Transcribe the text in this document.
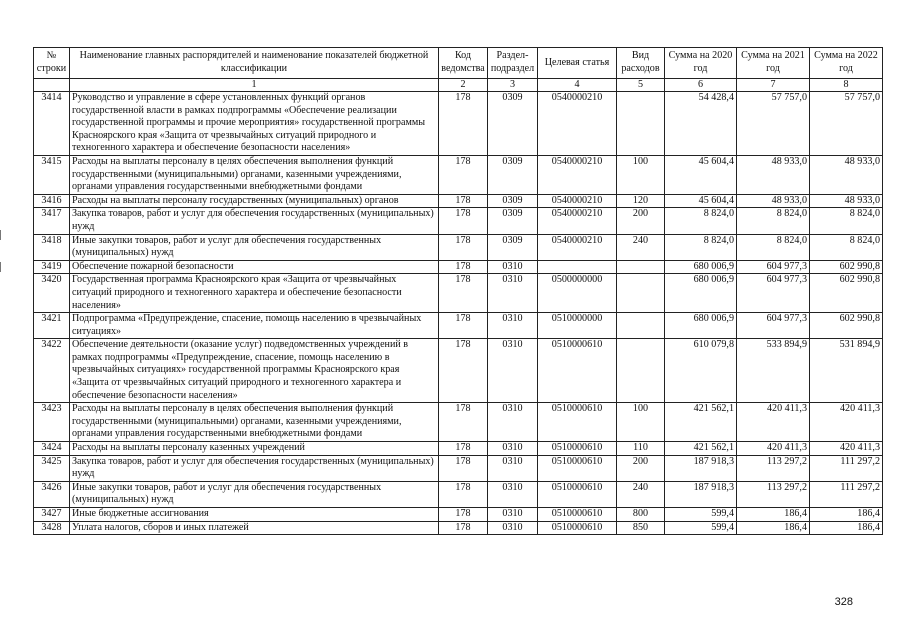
№ строки	Наименование главных распорядителей и наименование показателей бюджетной классификации	Код ведомства	Раздел-подраздел	Целевая статья	Вид расходов	Сумма на 2020 год	Сумма на 2021 год	Сумма на 2022 год
	1	2	3	4	5	6	7	8
3414	Руководство и управление в сфере установленных функций органов государственной власти в рамках подпрограммы «Обеспечение реализации государственной программы и прочие мероприятия» государственной программы Красноярского края «Защита от чрезвычайных ситуаций природного и техногенного характера и обеспечение безопасности населения»	178	0309	0540000210		54 428,4	57 757,0	57 757,0
3415	Расходы на выплаты персоналу в целях обеспечения выполнения функций государственными (муниципальными) органами, казенными учреждениями, органами управления государственными внебюджетными фондами	178	0309	0540000210	100	45 604,4	48 933,0	48 933,0
3416	Расходы на выплаты персоналу государственных (муниципальных) органов	178	0309	0540000210	120	45 604,4	48 933,0	48 933,0
3417	Закупка товаров, работ и услуг для обеспечения государственных (муниципальных) нужд	178	0309	0540000210	200	8 824,0	8 824,0	8 824,0
3418	Иные закупки товаров, работ и услуг для обеспечения государственных (муниципальных) нужд	178	0309	0540000210	240	8 824,0	8 824,0	8 824,0
3419	Обеспечение пожарной безопасности	178	0310			680 006,9	604 977,3	602 990,8
3420	Государственная программа Красноярского края «Защита от чрезвычайных ситуаций природного и техногенного характера и обеспечение безопасности населения»	178	0310	0500000000		680 006,9	604 977,3	602 990,8
3421	Подпрограмма «Предупреждение, спасение, помощь населению в чрезвычайных ситуациях»	178	0310	0510000000		680 006,9	604 977,3	602 990,8
3422	Обеспечение деятельности (оказание услуг) подведомственных учреждений в рамках подпрограммы «Предупреждение, спасение, помощь населению в чрезвычайных ситуациях» государственной программы Красноярского края «Защита от чрезвычайных ситуаций природного и техногенного характера и обеспечение безопасности населения»	178	0310	0510000610		610 079,8	533 894,9	531 894,9
3423	Расходы на выплаты персоналу в целях обеспечения выполнения функций государственными (муниципальными) органами, казенными учреждениями, органами управления государственными внебюджетными фондами	178	0310	0510000610	100	421 562,1	420 411,3	420 411,3
3424	Расходы на выплаты персоналу казенных учреждений	178	0310	0510000610	110	421 562,1	420 411,3	420 411,3
3425	Закупка товаров, работ и услуг для обеспечения государственных (муниципальных) нужд	178	0310	0510000610	200	187 918,3	113 297,2	111 297,2
3426	Иные закупки товаров, работ и услуг для обеспечения государственных (муниципальных) нужд	178	0310	0510000610	240	187 918,3	113 297,2	111 297,2
3427	Иные бюджетные ассигнования	178	0310	0510000610	800	599,4	186,4	186,4
3428	Уплата налогов, сборов и иных платежей	178	0310	0510000610	850	599,4	186,4	186,4
328
